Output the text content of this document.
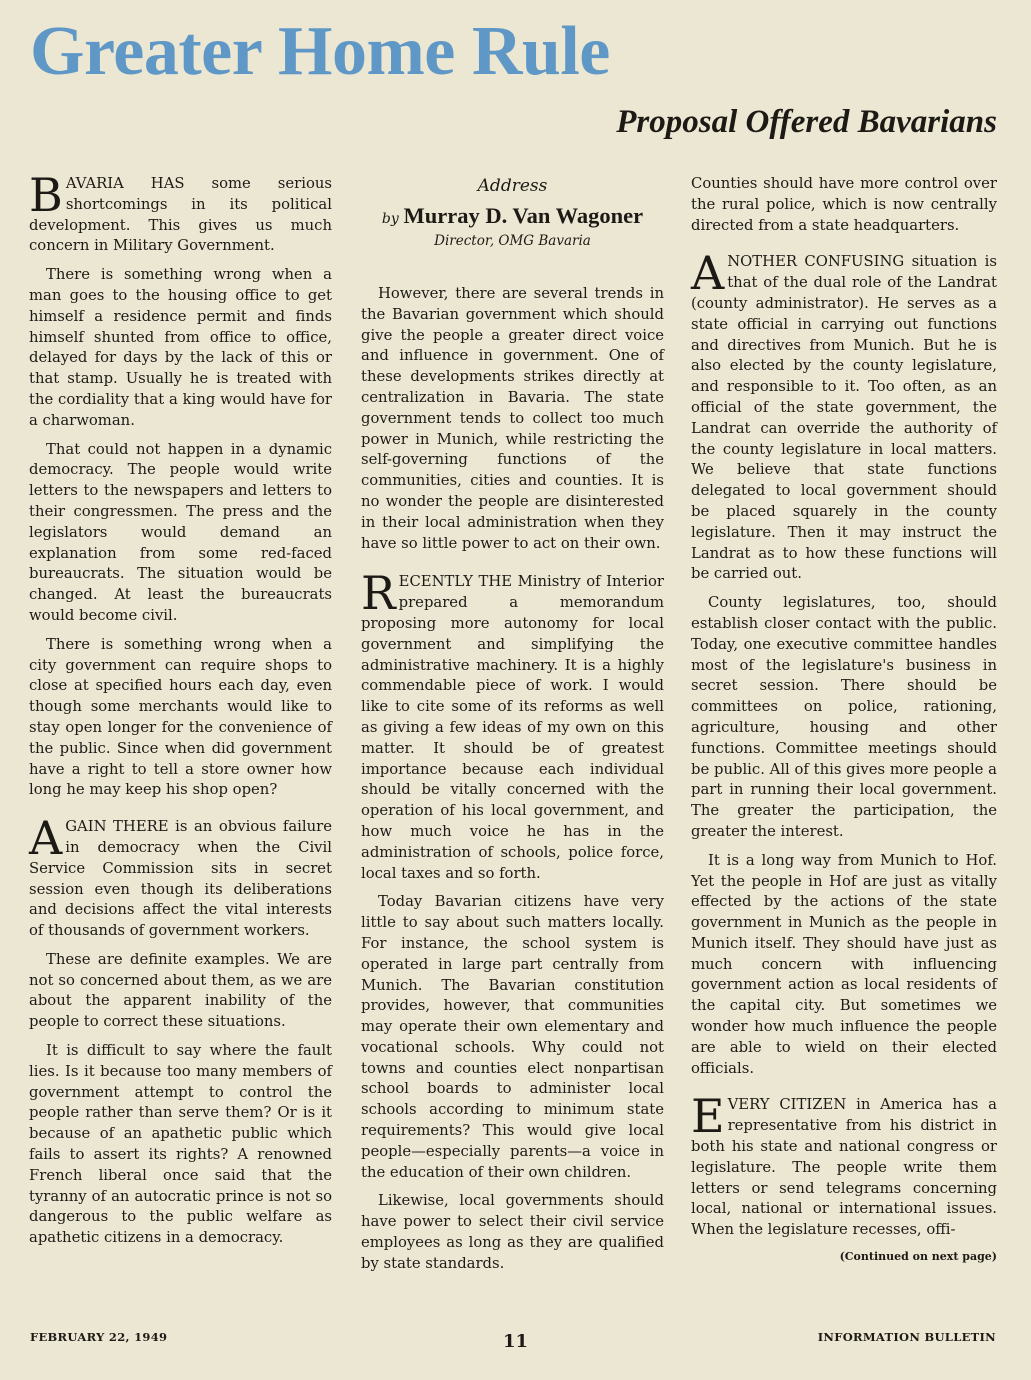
Greater Home Rule
Proposal Offered Bavarians

BAVARIA HAS some serious shortcomings in its political development. This gives us much concern in Military Government.

There is something wrong when a man goes to the housing office to get himself a residence permit and finds himself shunted from office to office, delayed for days by the lack of this or that stamp. Usually he is treated with the cordiality that a king would have for a charwoman.

That could not happen in a dynamic democracy. The people would write letters to the newspapers and letters to their congressmen. The press and the legislators would demand an explanation from some red-faced bureaucrats. The situation would be changed. At least the bureaucrats would become civil.

There is something wrong when a city government can require shops to close at specified hours each day, even though some merchants would like to stay open longer for the convenience of the public. Since when did government have a right to tell a store owner how long he may keep his shop open?

AGAIN THERE is an obvious failure in democracy when the Civil Service Commission sits in secret session even though its deliberations and decisions affect the vital interests of thousands of government workers.

These are definite examples. We are not so concerned about them, as we are about the apparent inability of the people to correct these situations.

It is difficult to say where the fault lies. Is it because too many members of government attempt to control the people rather than serve them? Or is it because of an apathetic public which fails to assert its rights? A renowned French liberal once said that the tyranny of an autocratic prince is not so dangerous to the public welfare as apathetic citizens in a democracy.

Address
by Murray D. Van Wagoner
Director, OMG Bavaria

However, there are several trends in the Bavarian government which should give the people a greater direct voice and influence in government. One of these developments strikes directly at centralization in Bavaria. The state government tends to collect too much power in Munich, while restricting the self-governing functions of the communities, cities and counties. It is no wonder the people are disinterested in their local administration when they have so little power to act on their own.

RECENTLY THE Ministry of Interior prepared a memorandum proposing more autonomy for local government and simplifying the administrative machinery. It is a highly commendable piece of work. I would like to cite some of its reforms as well as giving a few ideas of my own on this matter. It should be of greatest importance because each individual should be vitally concerned with the operation of his local government, and how much voice he has in the administration of schools, police force, local taxes and so forth.

Today Bavarian citizens have very little to say about such matters locally. For instance, the school system is operated in large part centrally from Munich. The Bavarian constitution provides, however, that communities may operate their own elementary and vocational schools. Why could not towns and counties elect nonpartisan school boards to administer local schools according to minimum state requirements? This would give local people—especially parents—a voice in the education of their own children.

Likewise, local governments should have power to select their civil service employees as long as they are qualified by state standards.

Counties should have more control over the rural police, which is now centrally directed from a state headquarters.

ANOTHER CONFUSING situation is that of the dual role of the Landrat (county administrator). He serves as a state official in carrying out functions and directives from Munich. But he is also elected by the county legislature, and responsible to it. Too often, as an official of the state government, the Landrat can override the authority of the county legislature in local matters. We believe that state functions delegated to local government should be placed squarely in the county legislature. Then it may instruct the Landrat as to how these functions will be carried out.

County legislatures, too, should establish closer contact with the public. Today, one executive committee handles most of the legislature's business in secret session. There should be committees on police, rationing, agriculture, housing and other functions. Committee meetings should be public. All of this gives more people a part in running their local government. The greater the participation, the greater the interest.

It is a long way from Munich to Hof. Yet the people in Hof are just as vitally effected by the actions of the state government in Munich as the people in Munich itself. They should have just as much concern with influencing government action as local residents of the capital city. But sometimes we wonder how much influence the people are able to wield on their elected officials.

EVERY CITIZEN in America has a representative from his district in both his state and national congress or legislature. The people write them letters or send telegrams concerning local, national or international issues. When the legislature recesses, offi-

(Continued on next page)
FEBRUARY 22, 1949	11	INFORMATION BULLETIN
